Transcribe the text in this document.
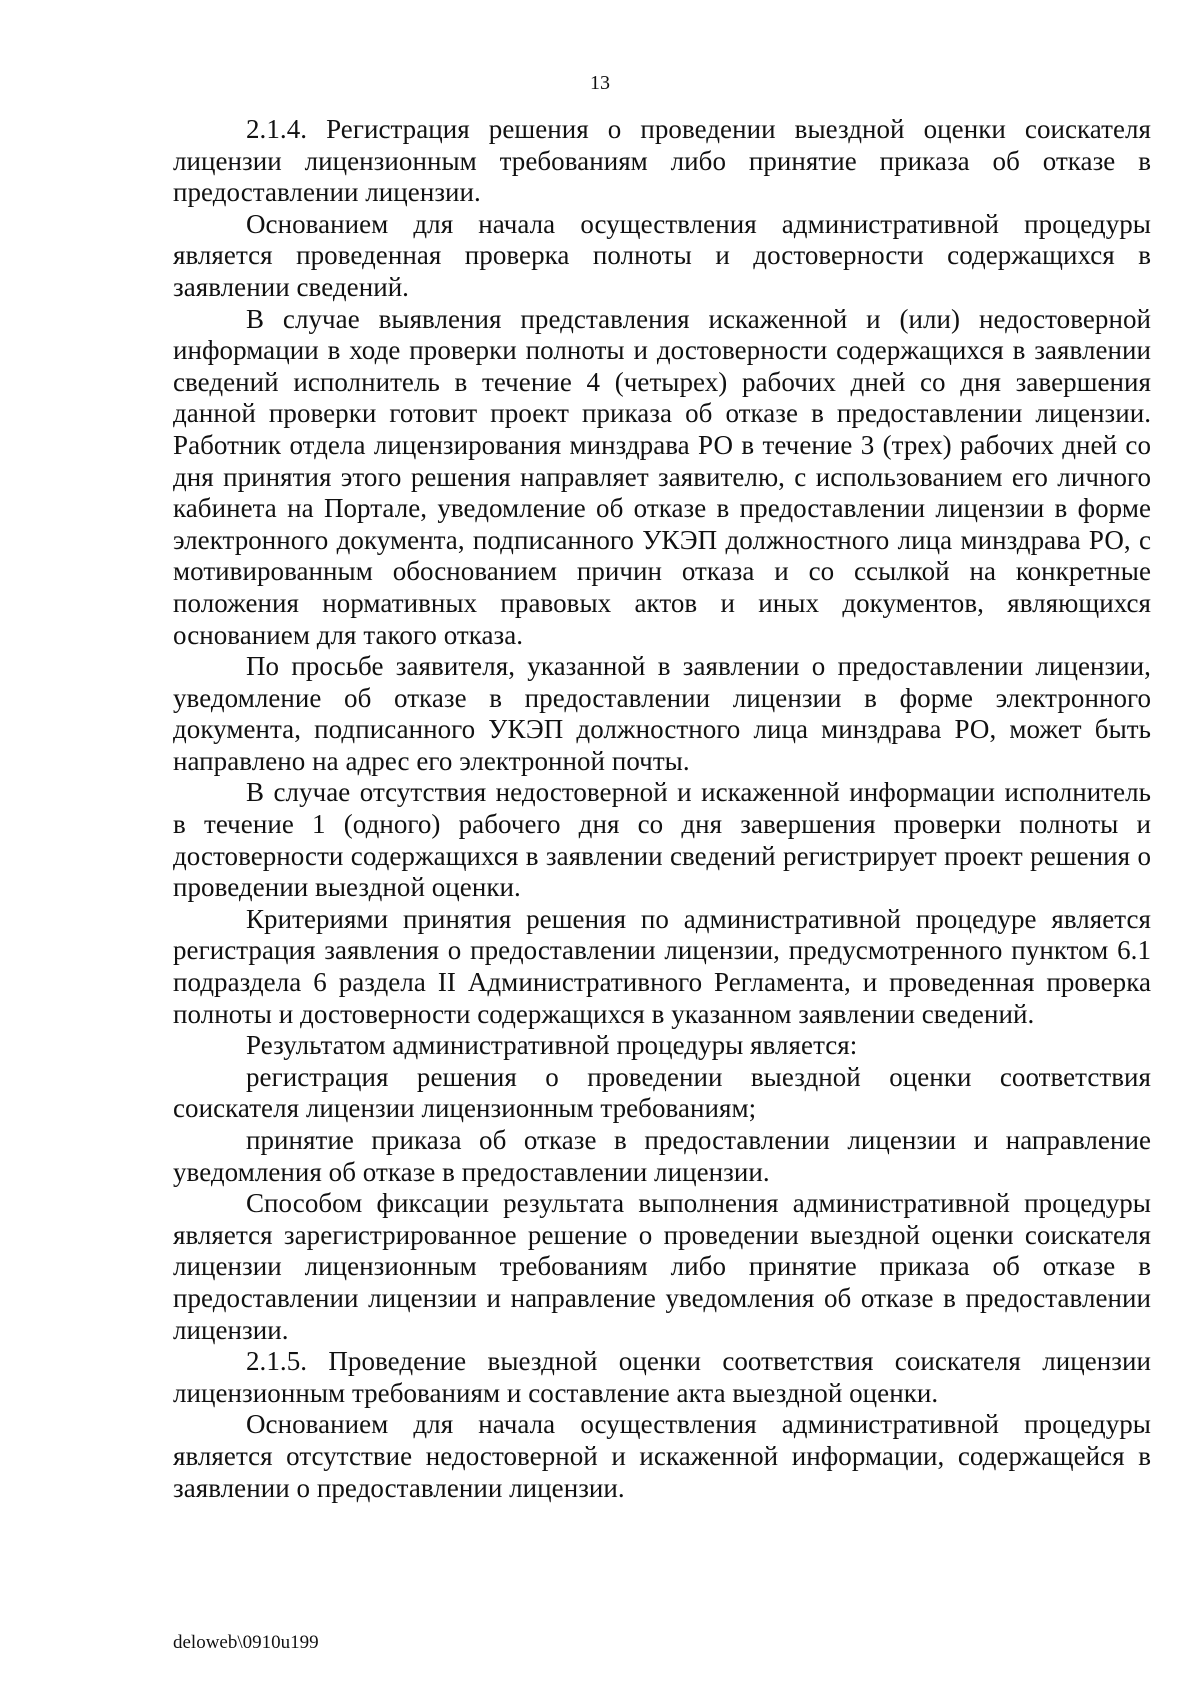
13

2.1.4. Регистрация решения о проведении выездной оценки соискателя лицензии лицензионным требованиям либо принятие приказа об отказе в предоставлении лицензии.

Основанием для начала осуществления административной процедуры является проведенная проверка полноты и достоверности содержащихся в заявлении сведений.

В случае выявления представления искаженной и (или) недостоверной информации в ходе проверки полноты и достоверности содержащихся в заявлении сведений исполнитель в течение 4 (четырех) рабочих дней со дня завершения данной проверки готовит проект приказа об отказе в предоставлении лицензии. Работник отдела лицензирования минздрава РО в течение 3 (трех) рабочих дней со дня принятия этого решения направляет заявителю, с использованием его личного кабинета на Портале, уведомление об отказе в предоставлении лицензии в форме электронного документа, подписанного УКЭП должностного лица минздрава РО, с мотивированным обоснованием причин отказа и со ссылкой на конкретные положения нормативных правовых актов и иных документов, являющихся основанием для такого отказа.

По просьбе заявителя, указанной в заявлении о предоставлении лицензии, уведомление об отказе в предоставлении лицензии в форме электронного документа, подписанного УКЭП должностного лица минздрава РО, может быть направлено на адрес его электронной почты.

В случае отсутствия недостоверной и искаженной информации исполнитель в течение 1 (одного) рабочего дня со дня завершения проверки полноты и достоверности содержащихся в заявлении сведений регистрирует проект решения о проведении выездной оценки.

Критериями принятия решения по административной процедуре является регистрация заявления о предоставлении лицензии, предусмотренного пунктом 6.1 подраздела 6 раздела II Административного Регламента, и проведенная проверка полноты и достоверности содержащихся в указанном заявлении сведений.

Результатом административной процедуры является:

регистрация решения о проведении выездной оценки соответствия соискателя лицензии лицензионным требованиям;

принятие приказа об отказе в предоставлении лицензии и направление уведомления об отказе в предоставлении лицензии.

Способом фиксации результата выполнения административной процедуры является зарегистрированное решение о проведении выездной оценки соискателя лицензии лицензионным требованиям либо принятие приказа об отказе в предоставлении лицензии и направление уведомления об отказе в предоставлении лицензии.

2.1.5. Проведение выездной оценки соответствия соискателя лицензии лицензионным требованиям и составление акта выездной оценки.

Основанием для начала осуществления административной процедуры является отсутствие недостоверной и искаженной информации, содержащейся в заявлении о предоставлении лицензии.

deloweb\0910u199
